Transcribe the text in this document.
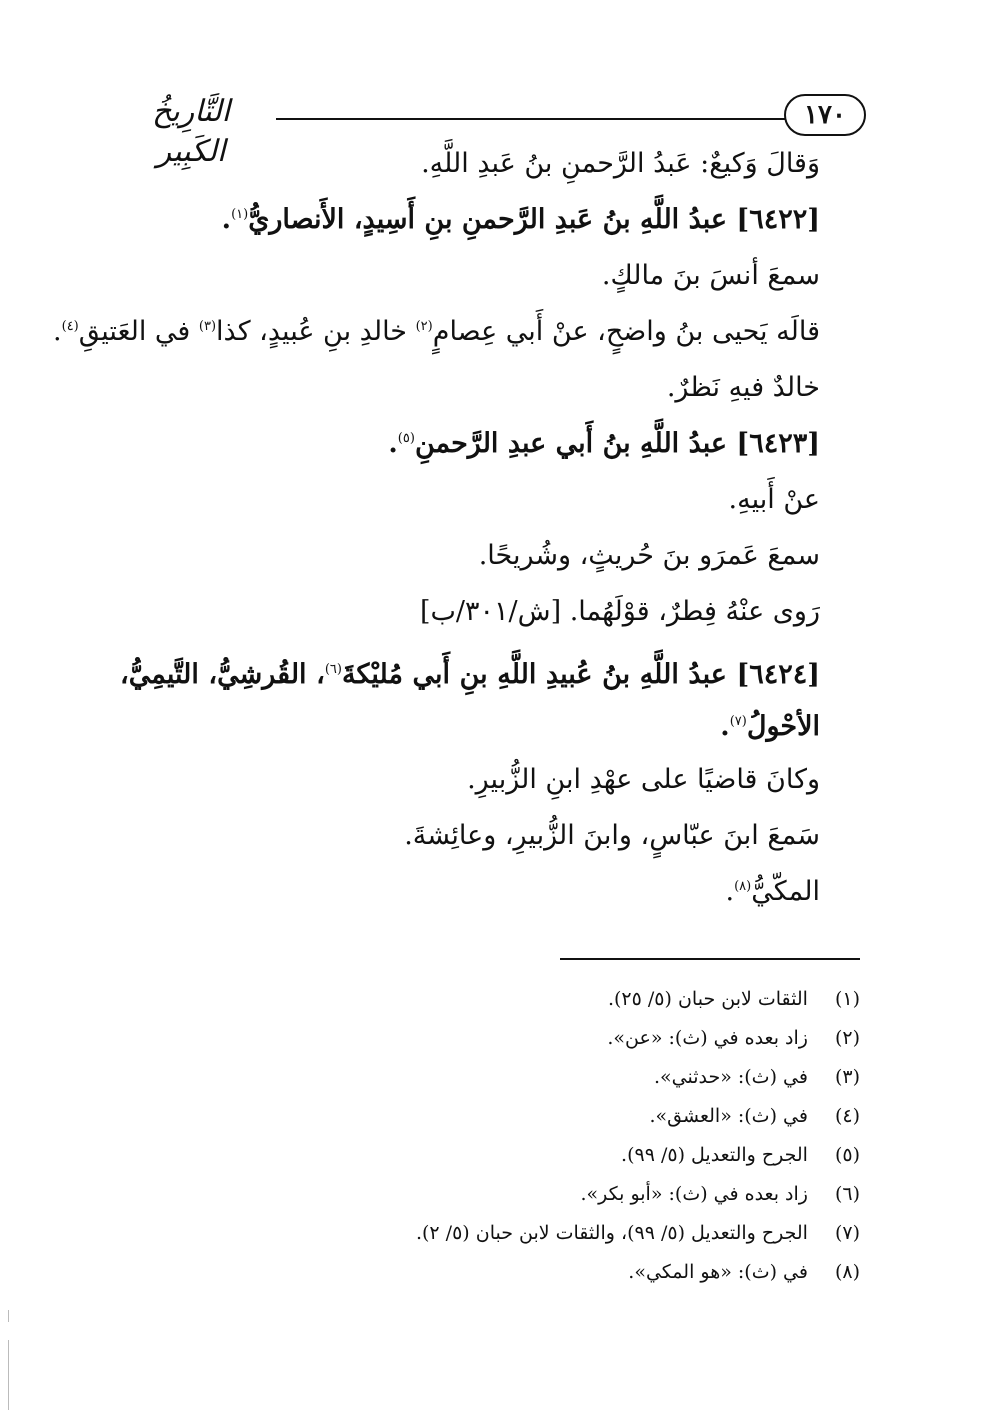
١٧٠
التَّارِيخُ الكَبِير	وَقالَ وَكيعٌ: عَبدُ الرَّحمنِ بنُ عَبدِ اللَّهِ.
[٦٤٢٢] عبدُ اللَّهِ بنُ عَبدِ الرَّحمنِ بنِ أَسِيدٍ، الأَنصاريُّ$^{(١)}$.
سمعَ أنسَ بنَ مالكٍ.
قالَه يَحيى بنُ واضحٍ، عنْ أَبي عِصامٍ$^{(٢)}$ خالدِ بنِ عُبيدٍ، كذا$^{(٣)}$ في العَتيقِ$^{(٤)}$.
خالدٌ فيهِ نَظرٌ.
[٦٤٢٣] عبدُ اللَّهِ بنُ أَبي عبدِ الرَّحمنِ$^{(٥)}$.
عنْ أَبيهِ.
سمعَ عَمرَو بنَ حُريثٍ، وشُريحًا.
رَوى عنْهُ فِطرٌ، قوْلَهُما. [ش/٣٠١/ب]
[٦٤٢٤] عبدُ اللَّهِ بنُ عُبيدِ اللَّهِ بنِ أَبي مُليْكةَ$^{(٦)}$، القُرشِيُّ، التَّيمِيُّ، الأحْولُ$^{(٧)}$.
وكانَ قاضيًا على عهْدِ ابنِ الزُّبيرِ.
سَمعَ ابنَ عبّاسٍ، وابنَ الزُّبيرِ، وعائِشةَ.
المكّيُّ$^{(٨)}$.
(١) الثقات لابن حبان (٥/ ٢٥).
(٢) زاد بعده في (ث): «عن».
(٣) في (ث): «حدثني».
(٤) في (ث): «العشق».
(٥) الجرح والتعديل (٥/ ٩٩).
(٦) زاد بعده في (ث): «أبو بكر».
(٧) الجرح والتعديل (٥/ ٩٩)، والثقات لابن حبان (٥/ ٢).
(٨) في (ث): «هو المكي».
